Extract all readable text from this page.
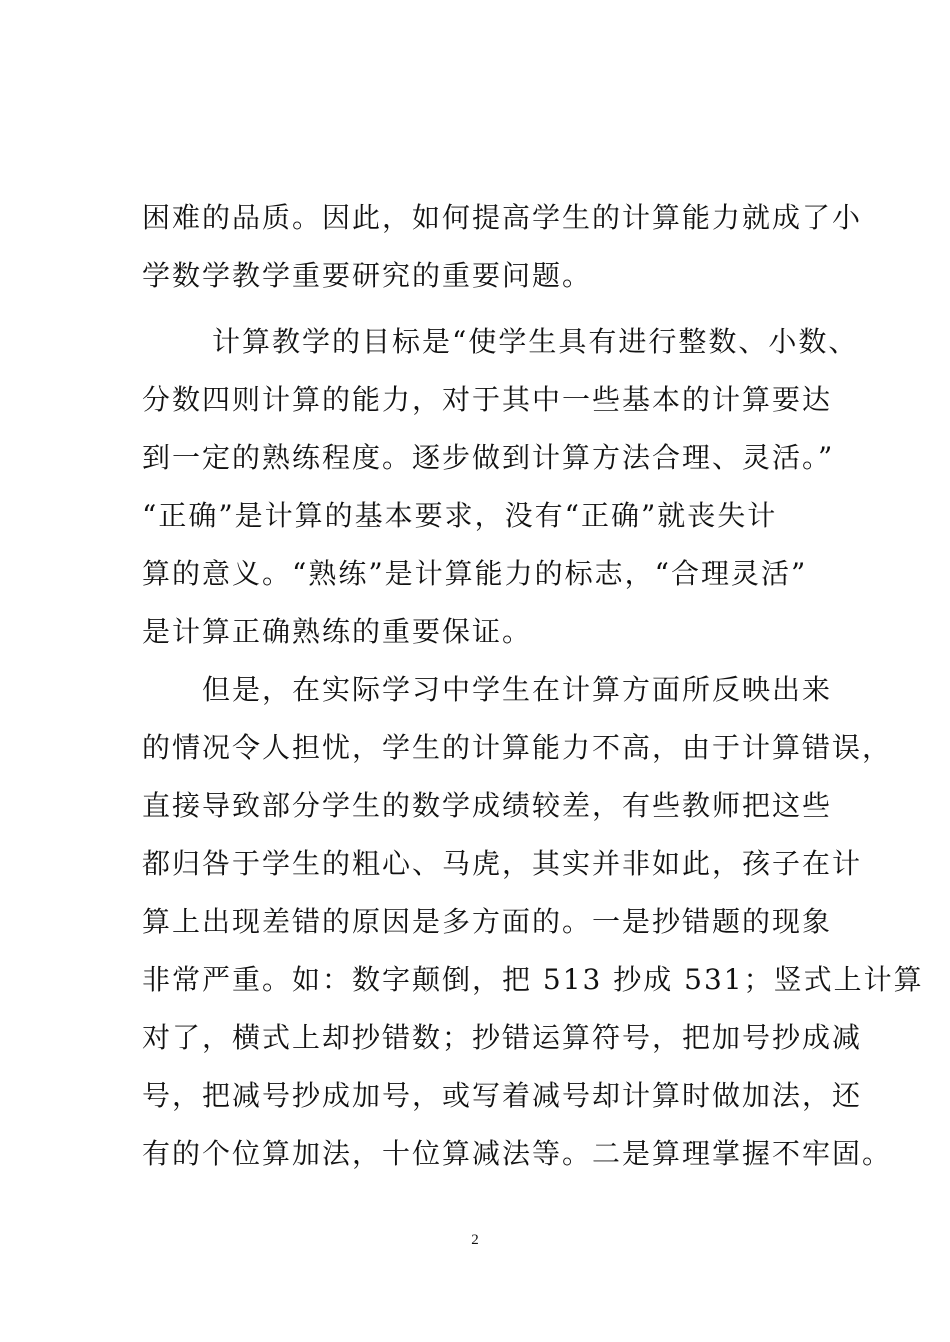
困难的品质。因此，如何提高学生的计算能力就成了小
学数学教学重要研究的重要问题。
计算教学的目标是“使学生具有进行整数、小数、
分数四则计算的能力，对于其中一些基本的计算要达
到一定的熟练程度。逐步做到计算方法合理、灵活。”
“正确”是计算的基本要求，没有“正确”就丧失计
算的意义。“熟练”是计算能力的标志，“合理灵活”
是计算正确熟练的重要保证。
但是，在实际学习中学生在计算方面所反映出来
的情况令人担忧，学生的计算能力不高，由于计算错误，
直接导致部分学生的数学成绩较差，有些教师把这些
都归咎于学生的粗心、马虎，其实并非如此，孩子在计
算上出现差错的原因是多方面的。一是抄错题的现象
非常严重。如：数字颠倒，把 513 抄成 531；竖式上计算
对了，横式上却抄错数；抄错运算符号，把加号抄成减
号，把减号抄成加号，或写着减号却计算时做加法，还
有的个位算加法，十位算减法等。二是算理掌握不牢固。
2
